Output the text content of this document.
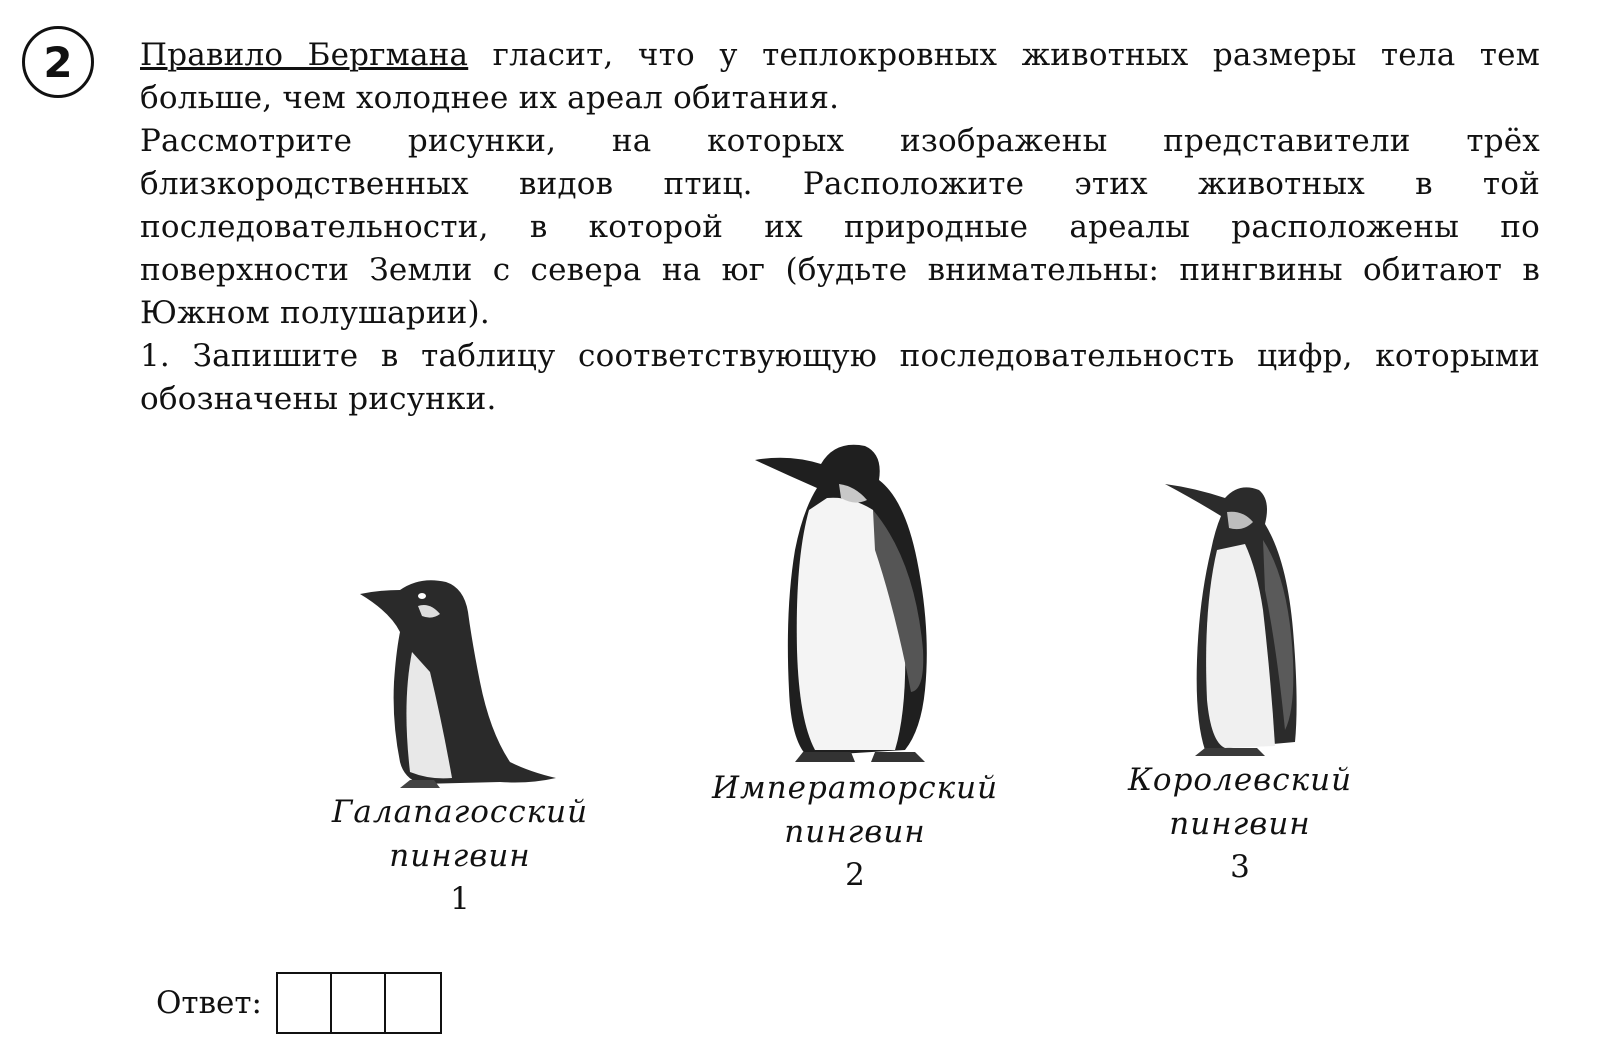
2 Правило Бергмана гласит, что у теплокровных животных размеры тела тем больше, чем холоднее их ареал обитания.

Рассмотрите рисунки, на которых изображены представители трёх близкородственных видов птиц. Расположите этих животных в той последовательности, в которой их природные ареалы расположены по поверхности Земли с севера на юг (будьте внимательны: пингвины обитают в Южном полушарии).

1. Запишите в таблицу соответствующую последовательность цифр, которыми обозначены рисунки.

Галапагосский
пингвин
1
Императорский
пингвин
2
Королевский
пингвин
3
Ответ:
